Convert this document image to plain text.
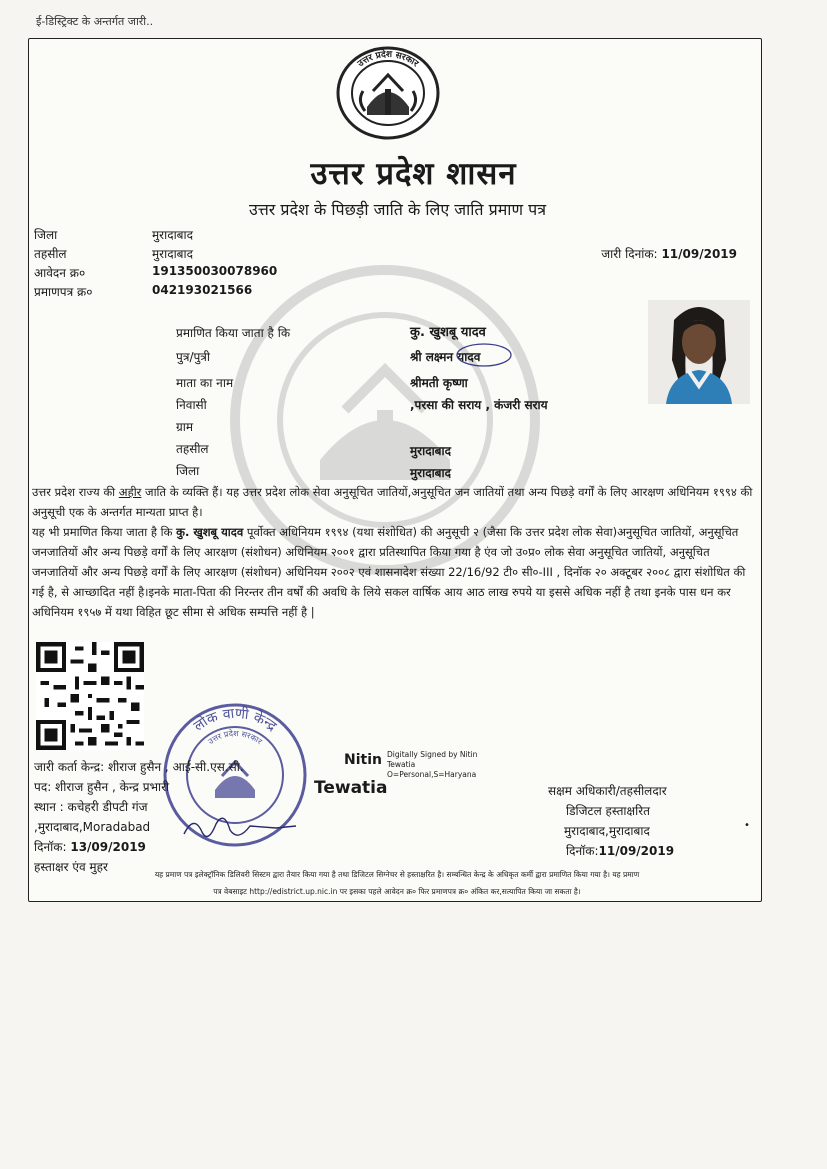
ई-डिस्ट्रिक्ट के अन्तर्गत जारी..
उत्तर प्रदेश सरकार
उत्तर प्रदेश शासन
उत्तर प्रदेश के पिछड़ी जाति के लिए जाति प्रमाण पत्र
जिला	मुरादाबाद
तहसील	मुरादाबाद
आवेदन क्र०	191350030078960
प्रमाणपत्र क्र०	042193021566
जारी दिनांक: 11/09/2019
प्रमाणित किया जाता है कि	कु. खुशबू यादव
पुत्र/पुत्री	श्री लक्ष्मन यादव
माता का नाम	श्रीमती कृष्णा
निवासी	,परसा की सराय , कंजरी सराय
ग्राम
तहसील	मुरादाबाद
जिला	मुरादाबाद
उत्तर प्रदेश राज्य की अहीर जाति के व्यक्ति हैं। यह उत्तर प्रदेश लोक सेवा अनुसूचित जातियों,अनुसूचित जन जातियों तथा अन्य पिछड़े वर्गों के लिए आरक्षण अधिनियम १९९४ की अनुसूची एक के अन्तर्गत मान्यता प्राप्त है।
यह भी प्रमाणित किया जाता है कि कु. खुशबू यादव पूर्वोक्त अधिनियम १९९४ (यथा संशोधित) की अनुसूची २ (जैसा कि उत्तर प्रदेश लोक सेवा)अनुसूचित जातियों, अनुसूचित जनजातियों और अन्य पिछड़े वर्गों के लिए आरक्षण (संशोधन) अधिनियम २००१ द्वारा प्रतिस्थापित किया गया है एंव जो उ०प्र० लोक सेवा अनुसूचित जातियों, अनुसूचित जनजातियों और अन्य पिछड़े वर्गों के लिए आरक्षण (संशोधन) अधिनियम २००२ एवं शासनादेश संख्या 22/16/92 टी० सी०-III , दिनॉक २० अक्टूबर २००८ द्वारा संशोधित की गई है, से आच्छादित नहीं है।इनके माता-पिता की निरन्तर तीन वर्षों की अवधि के लिये सकल वार्षिक आय आठ लाख रुपये या इससे अधिक नहीं है तथा इनके पास धन कर अधिनियम १९५७ में यथा विहित छूट सीमा से अधिक सम्पत्ति नहीं है |
लोक वाणी केन्द्र
उत्तर प्रदेश सरकार
जारी कर्ता केन्द्र: शीराज हुसैन , आई-सी.एस.सी.
पद: शीराज हुसैन , केन्द्र प्रभारी
स्थान : कचेहरी डीपटी गंज
,मुरादाबाद,Moradabad
दिनॉक: 13/09/2019
हस्ताक्षर एंव मुहर
Nitin
Tewatia
Digitally Signed by Nitin
Tewatia
O=Personal,S=Haryana
सक्षम अधिकारी/तहसीलदार
डिजिटल हस्ताक्षरित
मुरादाबाद,मुरादाबाद
दिनॉक:11/09/2019
•
यह प्रमाण पत्र इलेक्ट्रॉनिक डिलिवरी सिस्टम द्वारा तैयार किया गया है तथा डिजिटल सिग्नेचर से हस्ताक्षरित है। सम्बन्धित केन्द्र के अधिकृत कर्मी द्वारा प्रमाणित किया गया है। यह प्रमाण
पत्र वेबसाइट http://edistrict.up.nic.in पर इसका पहले आवेदन क्र० फिर प्रमाणपत्र क्र० अंकित कर,सत्यापित किया जा सकता है।
